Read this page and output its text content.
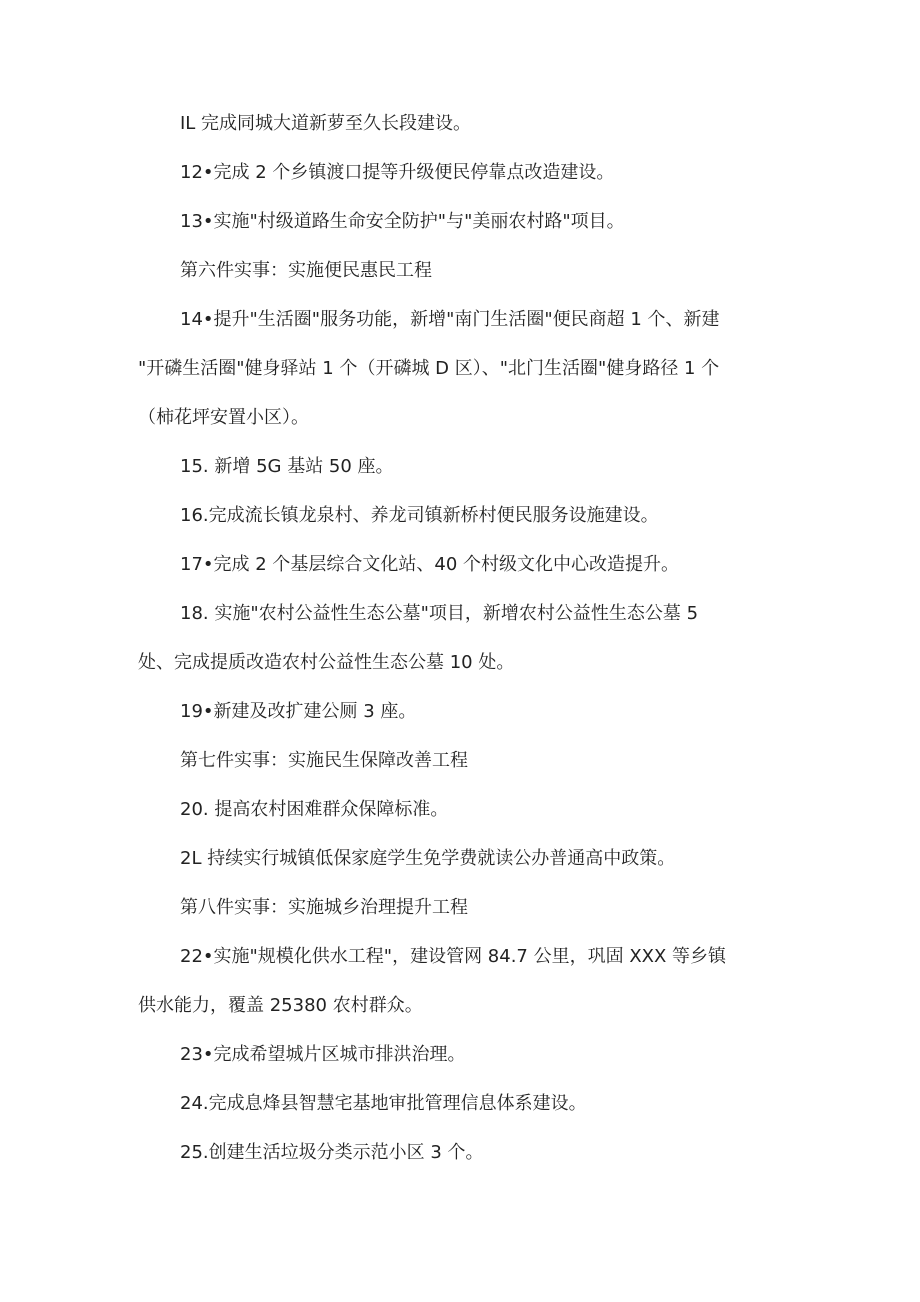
IL 完成同城大道新萝至久长段建设。

12•完成 2 个乡镇渡口提等升级便民停靠点改造建设。

13•实施"村级道路生命安全防护"与"美丽农村路"项目。

第六件实事：实施便民惠民工程

14•提升"生活圈"服务功能，新增"南门生活圈"便民商超 1 个、新建
"开磷生活圈"健身驿站 1 个（开磷城 D 区）、"北门生活圈"健身路径 1 个
（柿花坪安置小区）。

15. 新增 5G 基站 50 座。

16.完成流长镇龙泉村、养龙司镇新桥村便民服务设施建设。

17•完成 2 个基层综合文化站、40 个村级文化中心改造提升。

18. 实施"农村公益性生态公墓"项目，新增农村公益性生态公墓 5
处、完成提质改造农村公益性生态公墓 10 处。

19•新建及改扩建公厕 3 座。

第七件实事：实施民生保障改善工程

20. 提高农村困难群众保障标准。

2L 持续实行城镇低保家庭学生免学费就读公办普通高中政策。

第八件实事：实施城乡治理提升工程

22•实施"规模化供水工程"，建设管网 84.7 公里，巩固 XXX 等乡镇
供水能力，覆盖 25380 农村群众。

23•完成希望城片区城市排洪治理。

24.完成息烽县智慧宅基地审批管理信息体系建设。

25.创建生活垃圾分类示范小区 3 个。
